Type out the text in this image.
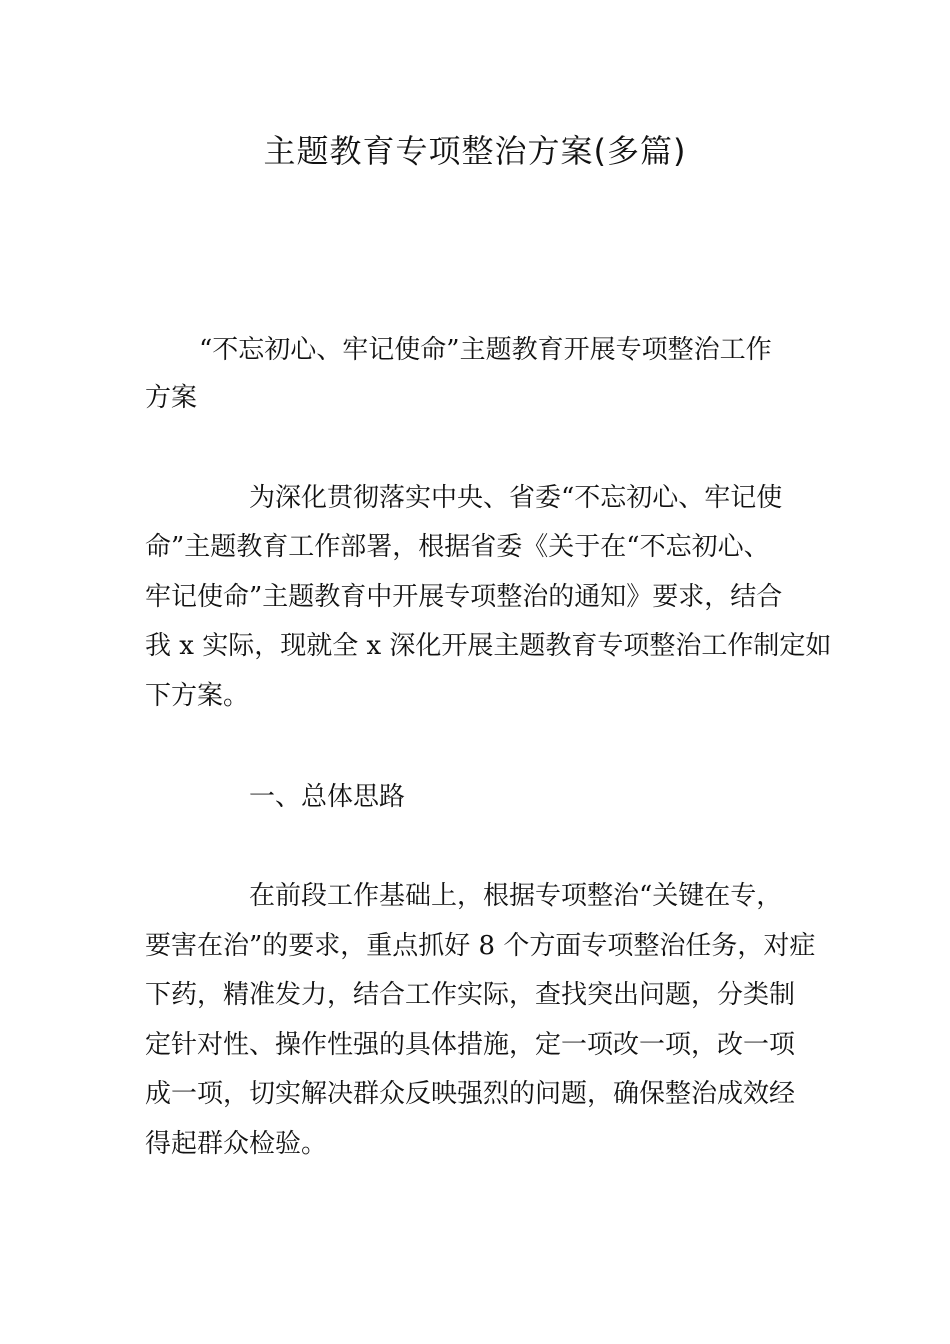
主题教育专项整治方案(多篇)

“不忘初心、牢记使命”主题教育开展专项整治工作

方案

为深化贯彻落实中央、省委“不忘初心、牢记使

命”主题教育工作部署，根据省委《关于在“不忘初心、

牢记使命”主题教育中开展专项整治的通知》要求，结合

我 x 实际，现就全 x 深化开展主题教育专项整治工作制定如

下方案。

一、总体思路

在前段工作基础上，根据专项整治“关键在专，

要害在治”的要求，重点抓好 8 个方面专项整治任务，对症

下药，精准发力，结合工作实际，查找突出问题，分类制

定针对性、操作性强的具体措施，定一项改一项，改一项

成一项，切实解决群众反映强烈的问题，确保整治成效经

得起群众检验。
